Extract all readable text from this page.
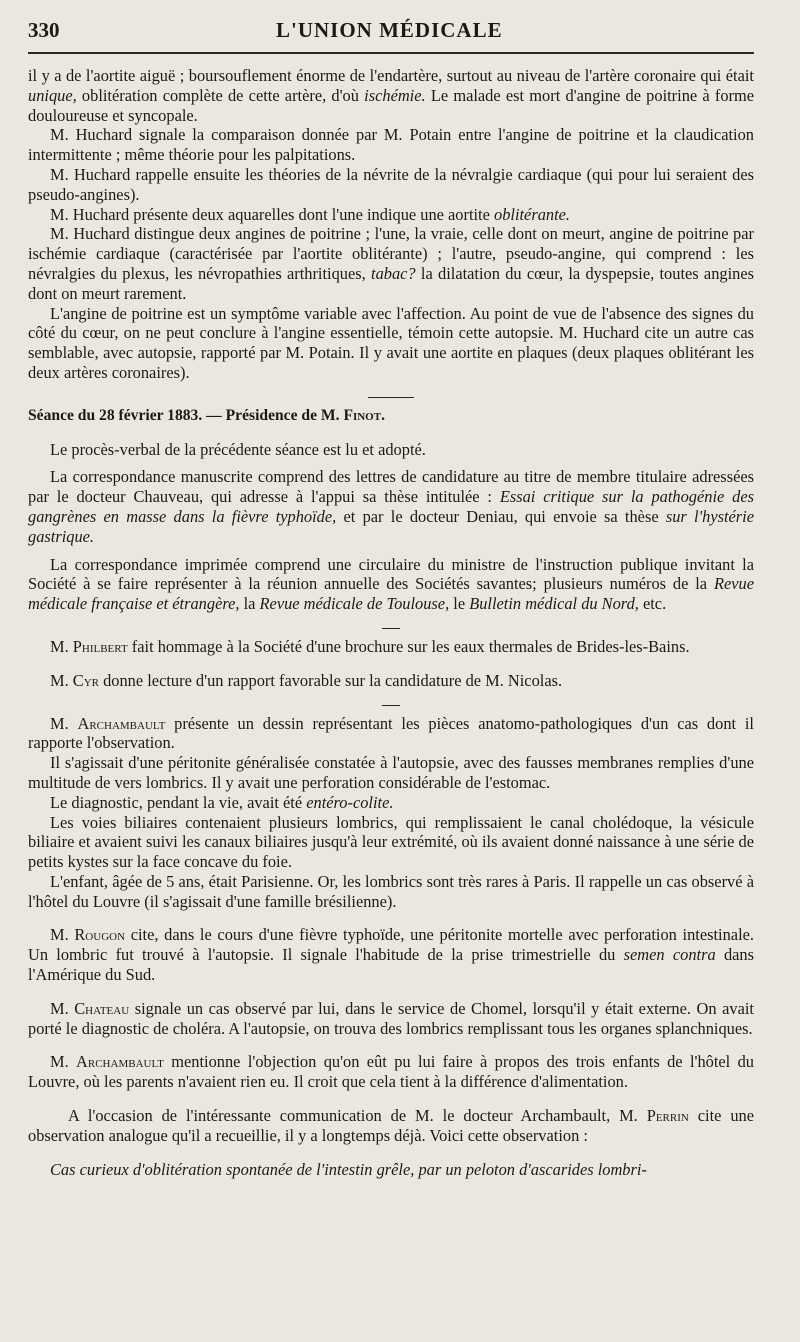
330	L'UNION MÉDICALE

il y a de l'aortite aiguë ; boursouflement énorme de l'endartère, surtout au niveau de l'artère coronaire qui était unique, oblitération complète de cette artère, d'où ischémie. Le malade est mort d'angine de poitrine à forme douloureuse et syncopale.

M. Huchard signale la comparaison donnée par M. Potain entre l'angine de poitrine et la claudication intermittente ; même théorie pour les palpitations.

M. Huchard rappelle ensuite les théories de la névrite de la névralgie cardiaque (qui pour lui seraient des pseudo-angines).

M. Huchard présente deux aquarelles dont l'une indique une aortite oblitérante.

M. Huchard distingue deux angines de poitrine ; l'une, la vraie, celle dont on meurt, angine de poitrine par ischémie cardiaque (caractérisée par l'aortite oblitérante) ; l'autre, pseudo-angine, qui comprend : les névralgies du plexus, les névropathies arthritiques, tabac? la dilatation du cœur, la dyspepsie, toutes angines dont on meurt rarement.

L'angine de poitrine est un symptôme variable avec l'affection. Au point de vue de l'absence des signes du côté du cœur, on ne peut conclure à l'angine essentielle, témoin cette autopsie. M. Huchard cite un autre cas semblable, avec autopsie, rapporté par M. Potain. Il y avait une aortite en plaques (deux plaques oblitérant les deux artères coronaires).

Séance du 28 février 1883. — Présidence de M. Finot.

Le procès-verbal de la précédente séance est lu et adopté.

La correspondance manuscrite comprend des lettres de candidature au titre de membre titulaire adressées par le docteur Chauveau, qui adresse à l'appui sa thèse intitulée : Essai critique sur la pathogénie des gangrènes en masse dans la fièvre typhoïde, et par le docteur Deniau, qui envoie sa thèse sur l'hystérie gastrique.

La correspondance imprimée comprend une circulaire du ministre de l'instruction publique invitant la Société à se faire représenter à la réunion annuelle des Sociétés savantes; plusieurs numéros de la Revue médicale française et étrangère, la Revue médicale de Toulouse, le Bulletin médical du Nord, etc.

M. Philbert fait hommage à la Société d'une brochure sur les eaux thermales de Brides-les-Bains.

M. Cyr donne lecture d'un rapport favorable sur la candidature de M. Nicolas.

M. Archambault présente un dessin représentant les pièces anatomo-pathologiques d'un cas dont il rapporte l'observation.

Il s'agissait d'une péritonite généralisée constatée à l'autopsie, avec des fausses membranes remplies d'une multitude de vers lombrics. Il y avait une perforation considérable de l'estomac.

Le diagnostic, pendant la vie, avait été entéro-colite.

Les voies biliaires contenaient plusieurs lombrics, qui remplissaient le canal cholédoque, la vésicule biliaire et avaient suivi les canaux biliaires jusqu'à leur extrémité, où ils avaient donné naissance à une série de petits kystes sur la face concave du foie.

L'enfant, âgée de 5 ans, était Parisienne. Or, les lombrics sont très rares à Paris. Il rappelle un cas observé à l'hôtel du Louvre (il s'agissait d'une famille brésilienne).

M. Rougon cite, dans le cours d'une fièvre typhoïde, une péritonite mortelle avec perforation intestinale. Un lombric fut trouvé à l'autopsie. Il signale l'habitude de la prise trimestrielle du semen contra dans l'Amérique du Sud.

M. Chateau signale un cas observé par lui, dans le service de Chomel, lorsqu'il y était externe. On avait porté le diagnostic de choléra. A l'autopsie, on trouva des lombrics remplissant tous les organes splanchniques.

M. Archambault mentionne l'objection qu'on eût pu lui faire à propos des trois enfants de l'hôtel du Louvre, où les parents n'avaient rien eu. Il croit que cela tient à la différence d'alimentation.

A l'occasion de l'intéressante communication de M. le docteur Archambault, M. Perrin cite une observation analogue qu'il a recueillie, il y a longtemps déjà. Voici cette observation :

Cas curieux d'oblitération spontanée de l'intestin grêle, par un peloton d'ascarides lombri-
